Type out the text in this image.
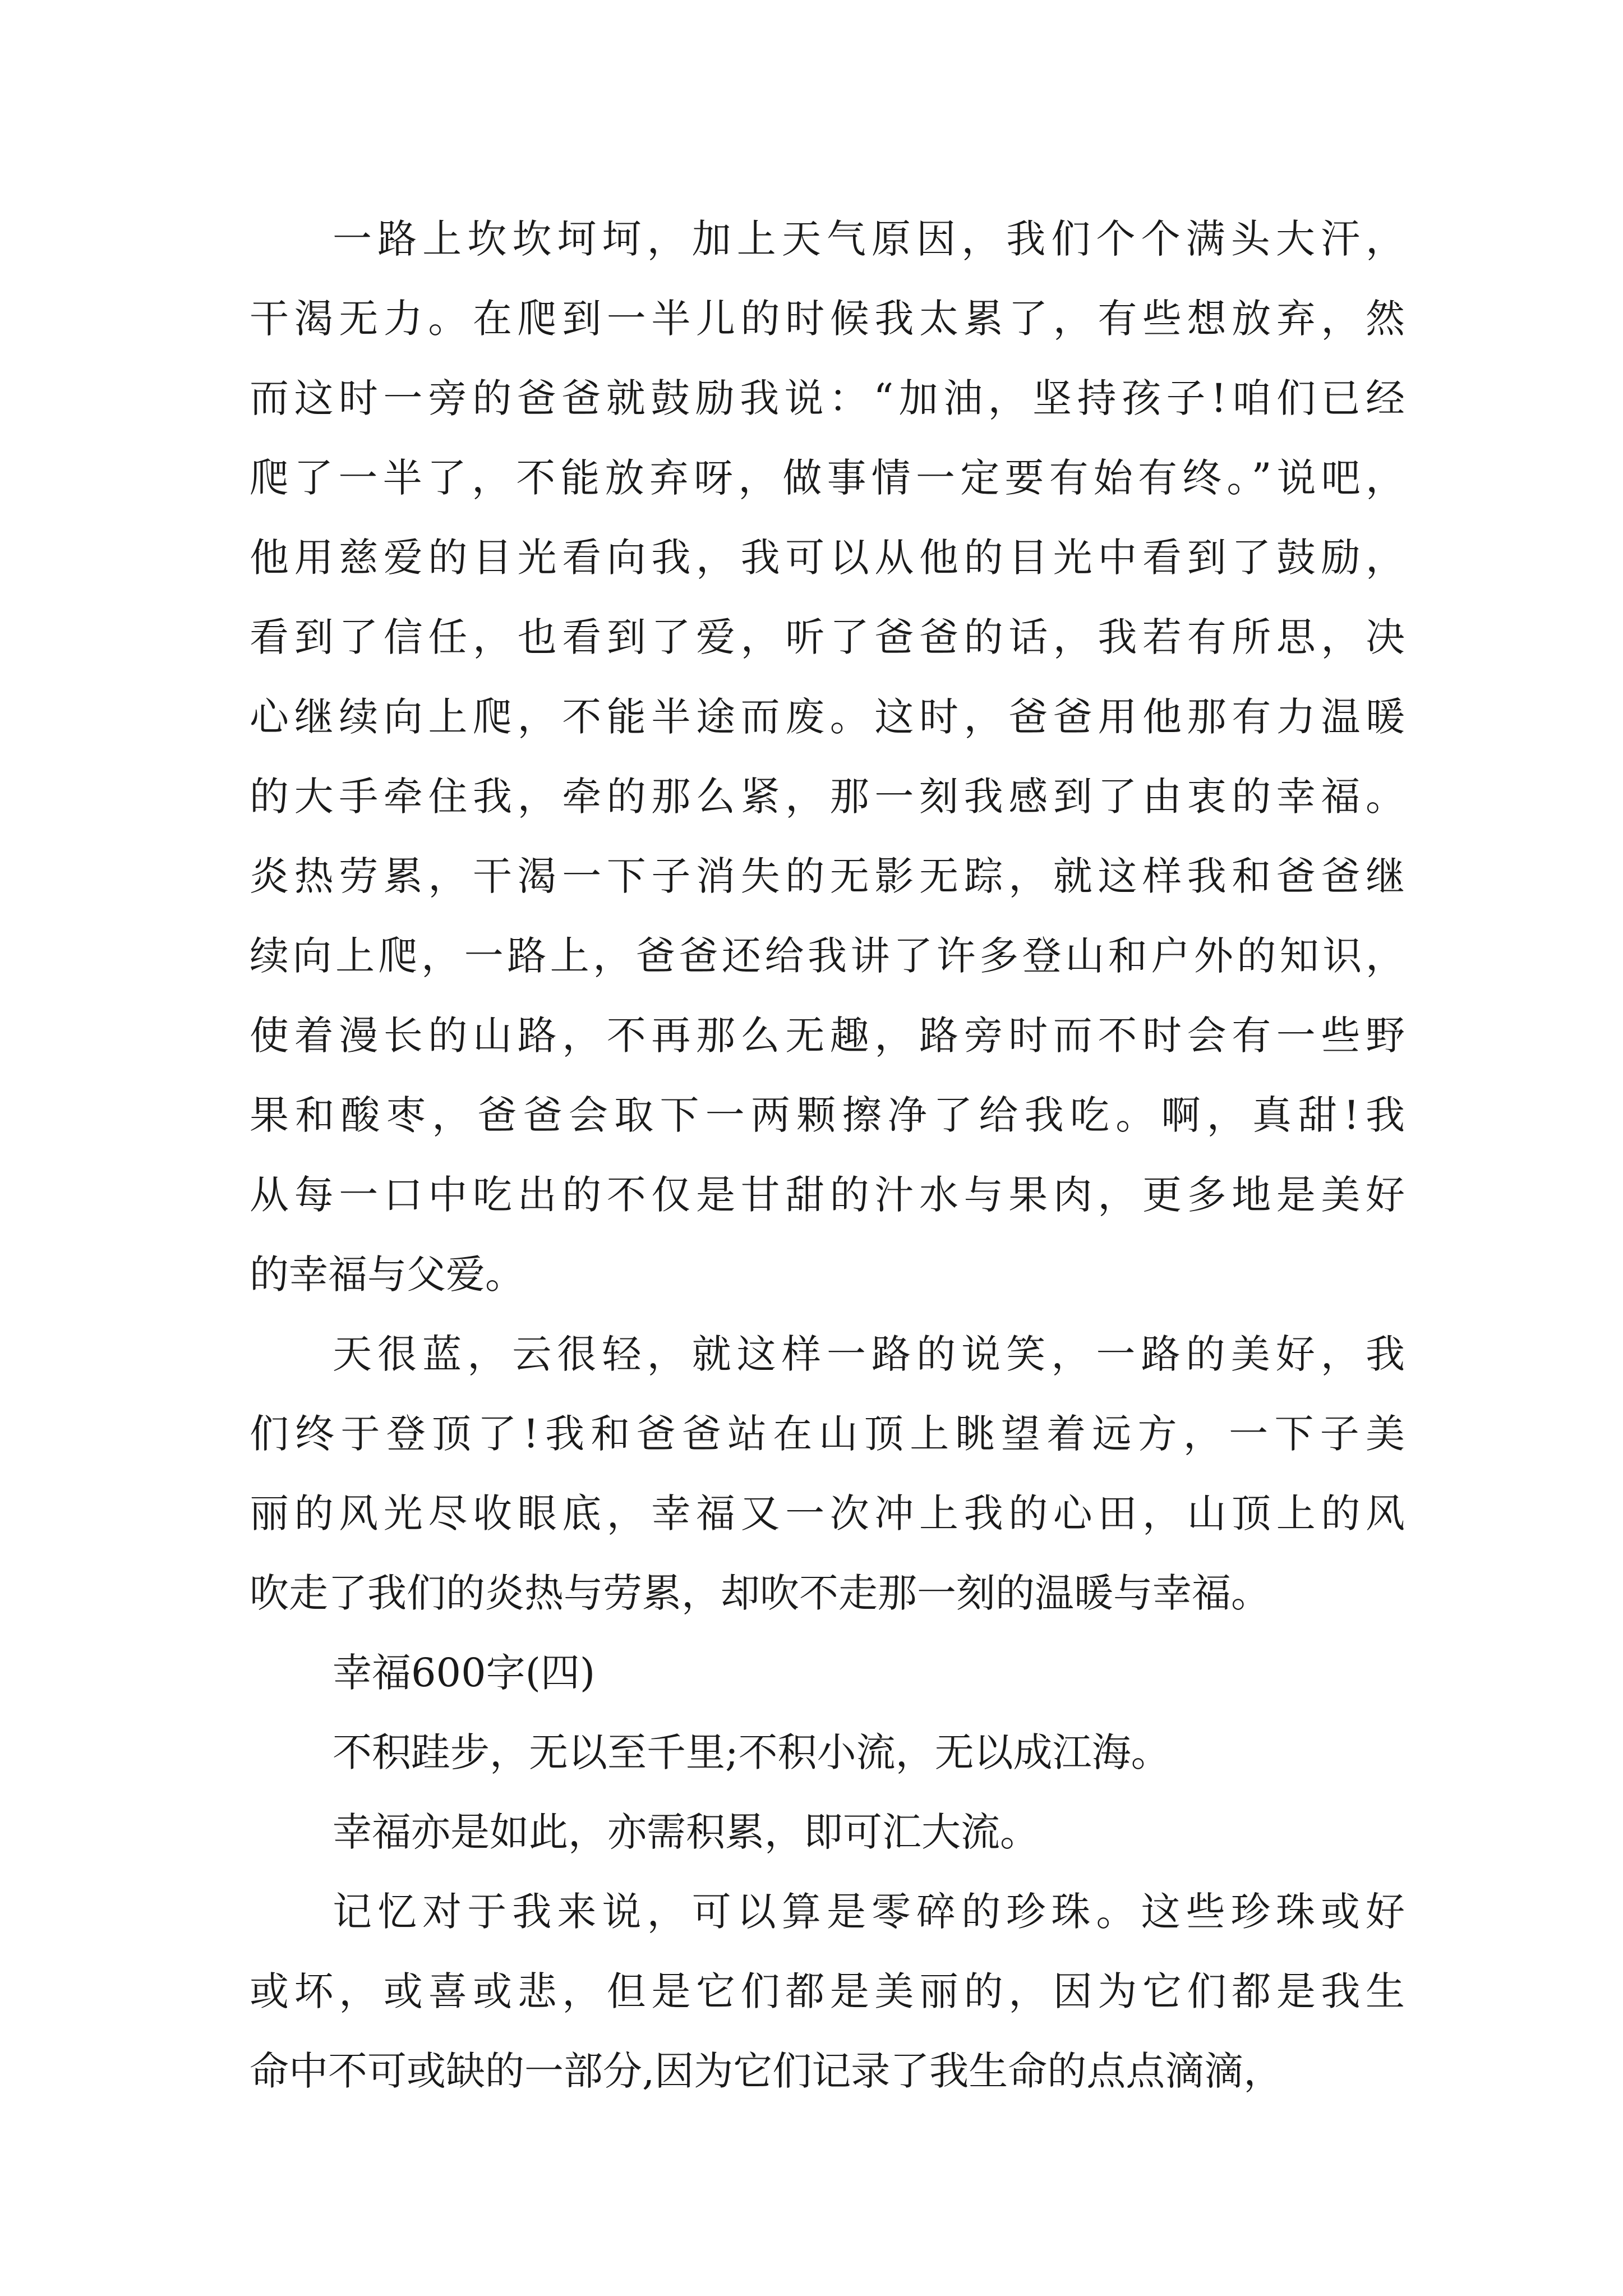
一路上坎坎坷坷，加上天气原因，我们个个满头大汗，
干渴无力。在爬到一半儿的时候我太累了，有些想放弃，然
而这时一旁的爸爸就鼓励我说：“加油，坚持孩子!咱们已经
爬了一半了，不能放弃呀，做事情一定要有始有终。”说吧，
他用慈爱的目光看向我，我可以从他的目光中看到了鼓励，
看到了信任，也看到了爱，听了爸爸的话，我若有所思，决
心继续向上爬，不能半途而废。这时，爸爸用他那有力温暖
的大手牵住我，牵的那么紧，那一刻我感到了由衷的幸福。
炎热劳累，干渴一下子消失的无影无踪，就这样我和爸爸继
续向上爬，一路上，爸爸还给我讲了许多登山和户外的知识，
使着漫长的山路，不再那么无趣，路旁时而不时会有一些野
果和酸枣，爸爸会取下一两颗擦净了给我吃。啊，真甜!我
从每一口中吃出的不仅是甘甜的汁水与果肉，更多地是美好
的幸福与父爱。
天很蓝，云很轻，就这样一路的说笑，一路的美好，我
们终于登顶了!我和爸爸站在山顶上眺望着远方，一下子美
丽的风光尽收眼底，幸福又一次冲上我的心田，山顶上的风
吹走了我们的炎热与劳累，却吹不走那一刻的温暖与幸福。
幸福600字(四)
不积跬步，无以至千里;不积小流，无以成江海。
幸福亦是如此，亦需积累，即可汇大流。
记忆对于我来说，可以算是零碎的珍珠。这些珍珠或好
或坏，或喜或悲，但是它们都是美丽的，因为它们都是我生
命中不可或缺的一部分,因为它们记录了我生命的点点滴滴，
